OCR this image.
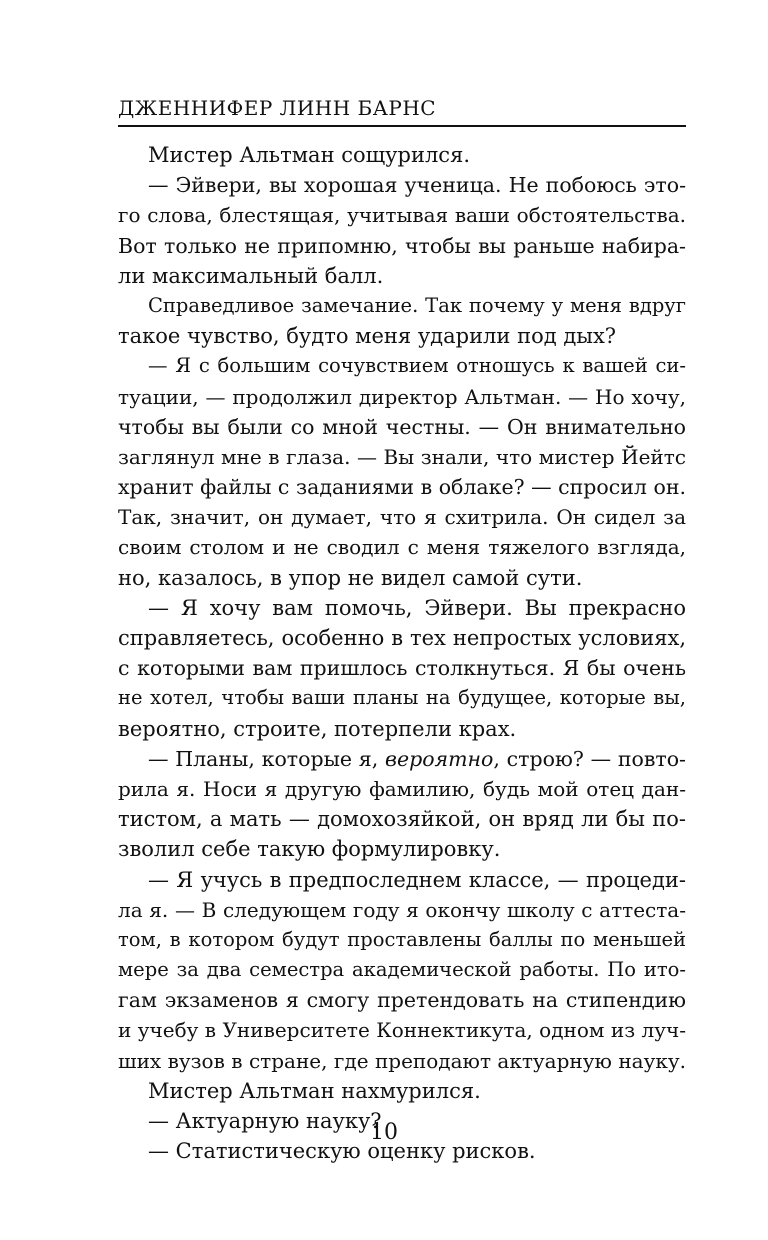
ДЖЕННИФЕР ЛИНН БАРНС
Мистер Альтман сощурился.
— Эйвери, вы хорошая ученица. Не побоюсь это-
го слова, блестящая, учитывая ваши обстоятельства.
Вот только не припомню, чтобы вы раньше набира-
ли максимальный балл.
Справедливое замечание. Так почему у меня вдруг
такое чувство, будто меня ударили под дых?
— Я с большим сочувствием отношусь к вашей си-
туации, — продолжил директор Альтман. — Но хочу,
чтобы вы были со мной честны. — Он внимательно
заглянул мне в глаза. — Вы знали, что мистер Йейтс
хранит файлы с заданиями в облаке? — спросил он.
Так, значит, он думает, что я схитрила. Он сидел за
своим столом и не сводил с меня тяжелого взгляда,
но, казалось, в упор не видел самой сути.
— Я хочу вам помочь, Эйвери. Вы прекрасно
справляетесь, особенно в тех непростых условиях,
с которыми вам пришлось столкнуться. Я бы очень
не хотел, чтобы ваши планы на будущее, которые вы,
вероятно, строите, потерпели крах.
— Планы, которые я, вероятно, строю? — повто-
рила я. Носи я другую фамилию, будь мой отец дан-
тистом, а мать — домохозяйкой, он вряд ли бы по-
зволил себе такую формулировку.
— Я учусь в предпоследнем классе, — процеди-
ла я. — В следующем году я окончу школу с аттеста-
том, в котором будут проставлены баллы по меньшей
мере за два семестра академической работы. По ито-
гам экзаменов я смогу претендовать на стипендию
и учебу в Университете Коннектикута, одном из луч-
ших вузов в стране, где преподают актуарную науку.
Мистер Альтман нахмурился.
— Актуарную науку?
— Статистическую оценку рисков.
10
